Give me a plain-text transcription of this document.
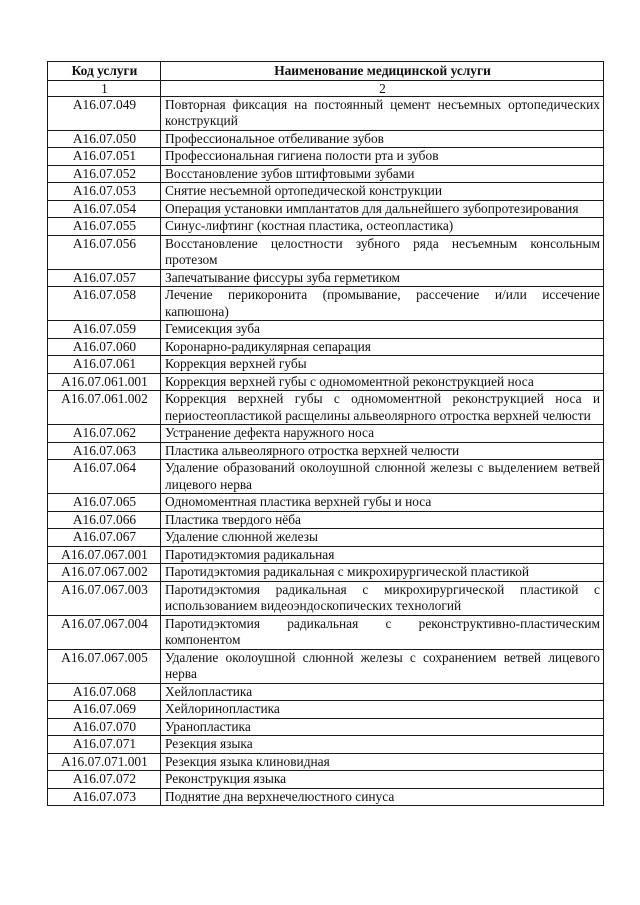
Код услуги	Наименование медицинской услуги
1	2
A16.07.049	Повторная фиксация на постоянный цемент несъемных ортопедических конструкций
A16.07.050	Профессиональное отбеливание зубов
A16.07.051	Профессиональная гигиена полости рта и зубов
A16.07.052	Восстановление зубов штифтовыми зубами
A16.07.053	Снятие несъемной ортопедической конструкции
A16.07.054	Операция установки имплантатов для дальнейшего зубопротезирования
A16.07.055	Синус-лифтинг (костная пластика, остеопластика)
A16.07.056	Восстановление целостности зубного ряда несъемным консольным протезом
A16.07.057	Запечатывание фиссуры зуба герметиком
A16.07.058	Лечение перикоронита (промывание, рассечение и/или иссечение капюшона)
A16.07.059	Гемисекция зуба
A16.07.060	Коронарно-радикулярная сепарация
A16.07.061	Коррекция верхней губы
A16.07.061.001	Коррекция верхней губы с одномоментной реконструкцией носа
A16.07.061.002	Коррекция верхней губы с одномоментной реконструкцией носа и периостеопластикой расщелины альвеолярного отростка верхней челюсти
A16.07.062	Устранение дефекта наружного носа
A16.07.063	Пластика альвеолярного отростка верхней челюсти
A16.07.064	Удаление образований околоушной слюнной железы с выделением ветвей лицевого нерва
A16.07.065	Одномоментная пластика верхней губы и носа
A16.07.066	Пластика твердого нёба
A16.07.067	Удаление слюнной железы
A16.07.067.001	Паротидэктомия радикальная
A16.07.067.002	Паротидэктомия радикальная с микрохирургической пластикой
A16.07.067.003	Паротидэктомия радикальная с микрохирургической пластикой с использованием видеоэндоскопических технологий
A16.07.067.004	Паротидэктомия радикальная с реконструктивно-пластическим компонентом
A16.07.067.005	Удаление околоушной слюнной железы с сохранением ветвей лицевого нерва
A16.07.068	Хейлопластика
A16.07.069	Хейлоринопластика
A16.07.070	Уранопластика
A16.07.071	Резекция языка
A16.07.071.001	Резекция языка клиновидная
A16.07.072	Реконструкция языка
A16.07.073	Поднятие дна верхнечелюстного синуса
